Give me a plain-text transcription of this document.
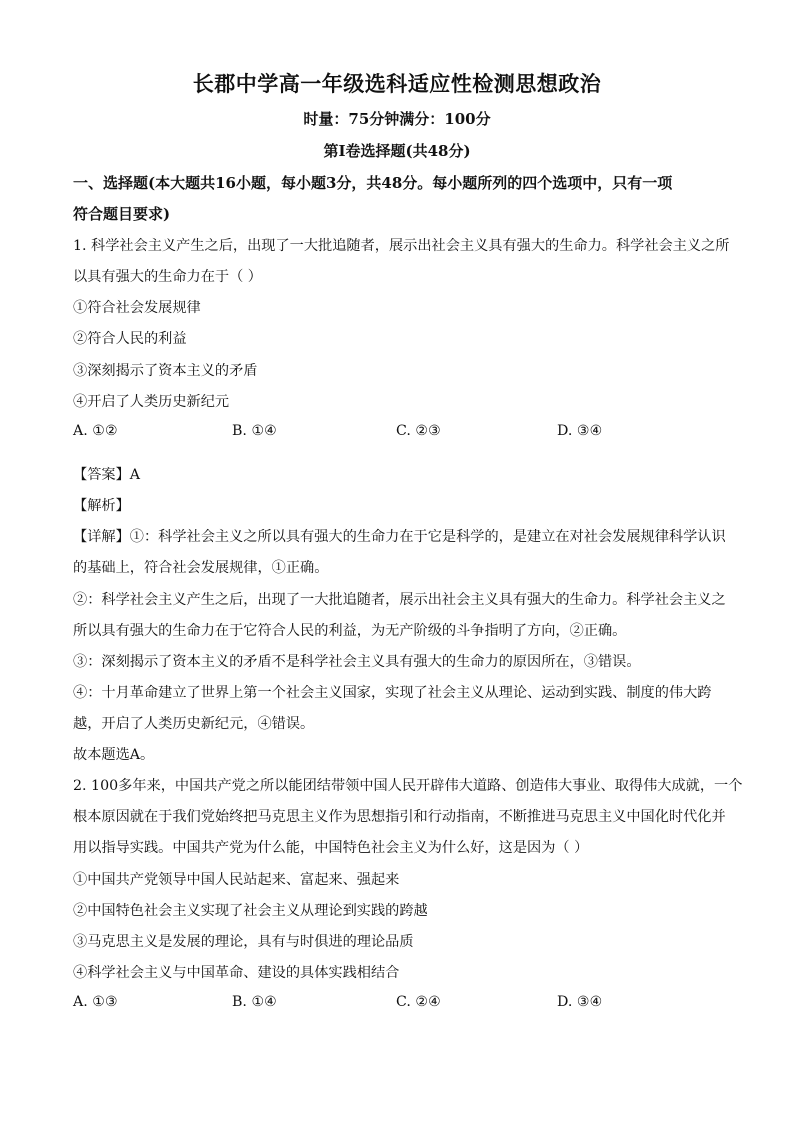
长郡中学高一年级选科适应性检测思想政治
时量：75分钟满分：100分
第I卷选择题(共48分)
一、选择题(本大题共16小题，每小题3分，共48分。每小题所列的四个选项中，只有一项
符合题目要求)
1. 科学社会主义产生之后，出现了一大批追随者，展示出社会主义具有强大的生命力。科学社会主义之所
以具有强大的生命力在于（ ）
①符合社会发展规律
②符合人民的利益
③深刻揭示了资本主义的矛盾
④开启了人类历史新纪元
A. ①②	B. ①④	C. ②③	D. ③④
【答案】A
【解析】
【详解】①：科学社会主义之所以具有强大的生命力在于它是科学的，是建立在对社会发展规律科学认识
的基础上，符合社会发展规律，①正确。
②：科学社会主义产生之后，出现了一大批追随者，展示出社会主义具有强大的生命力。科学社会主义之
所以具有强大的生命力在于它符合人民的利益，为无产阶级的斗争指明了方向，②正确。
③：深刻揭示了资本主义的矛盾不是科学社会主义具有强大的生命力的原因所在，③错误。
④：十月革命建立了世界上第一个社会主义国家，实现了社会主义从理论、运动到实践、制度的伟大跨
越，开启了人类历史新纪元，④错误。
故本题选A。
2. 100多年来，中国共产党之所以能团结带领中国人民开辟伟大道路、创造伟大事业、取得伟大成就，一个
根本原因就在于我们党始终把马克思主义作为思想指引和行动指南，不断推进马克思主义中国化时代化并
用以指导实践。中国共产党为什么能，中国特色社会主义为什么好，这是因为（ ）
①中国共产党领导中国人民站起来、富起来、强起来
②中国特色社会主义实现了社会主义从理论到实践的跨越
③马克思主义是发展的理论，具有与时俱进的理论品质
④科学社会主义与中国革命、建设的具体实践相结合
A. ①③	B. ①④	C. ②④	D. ③④
